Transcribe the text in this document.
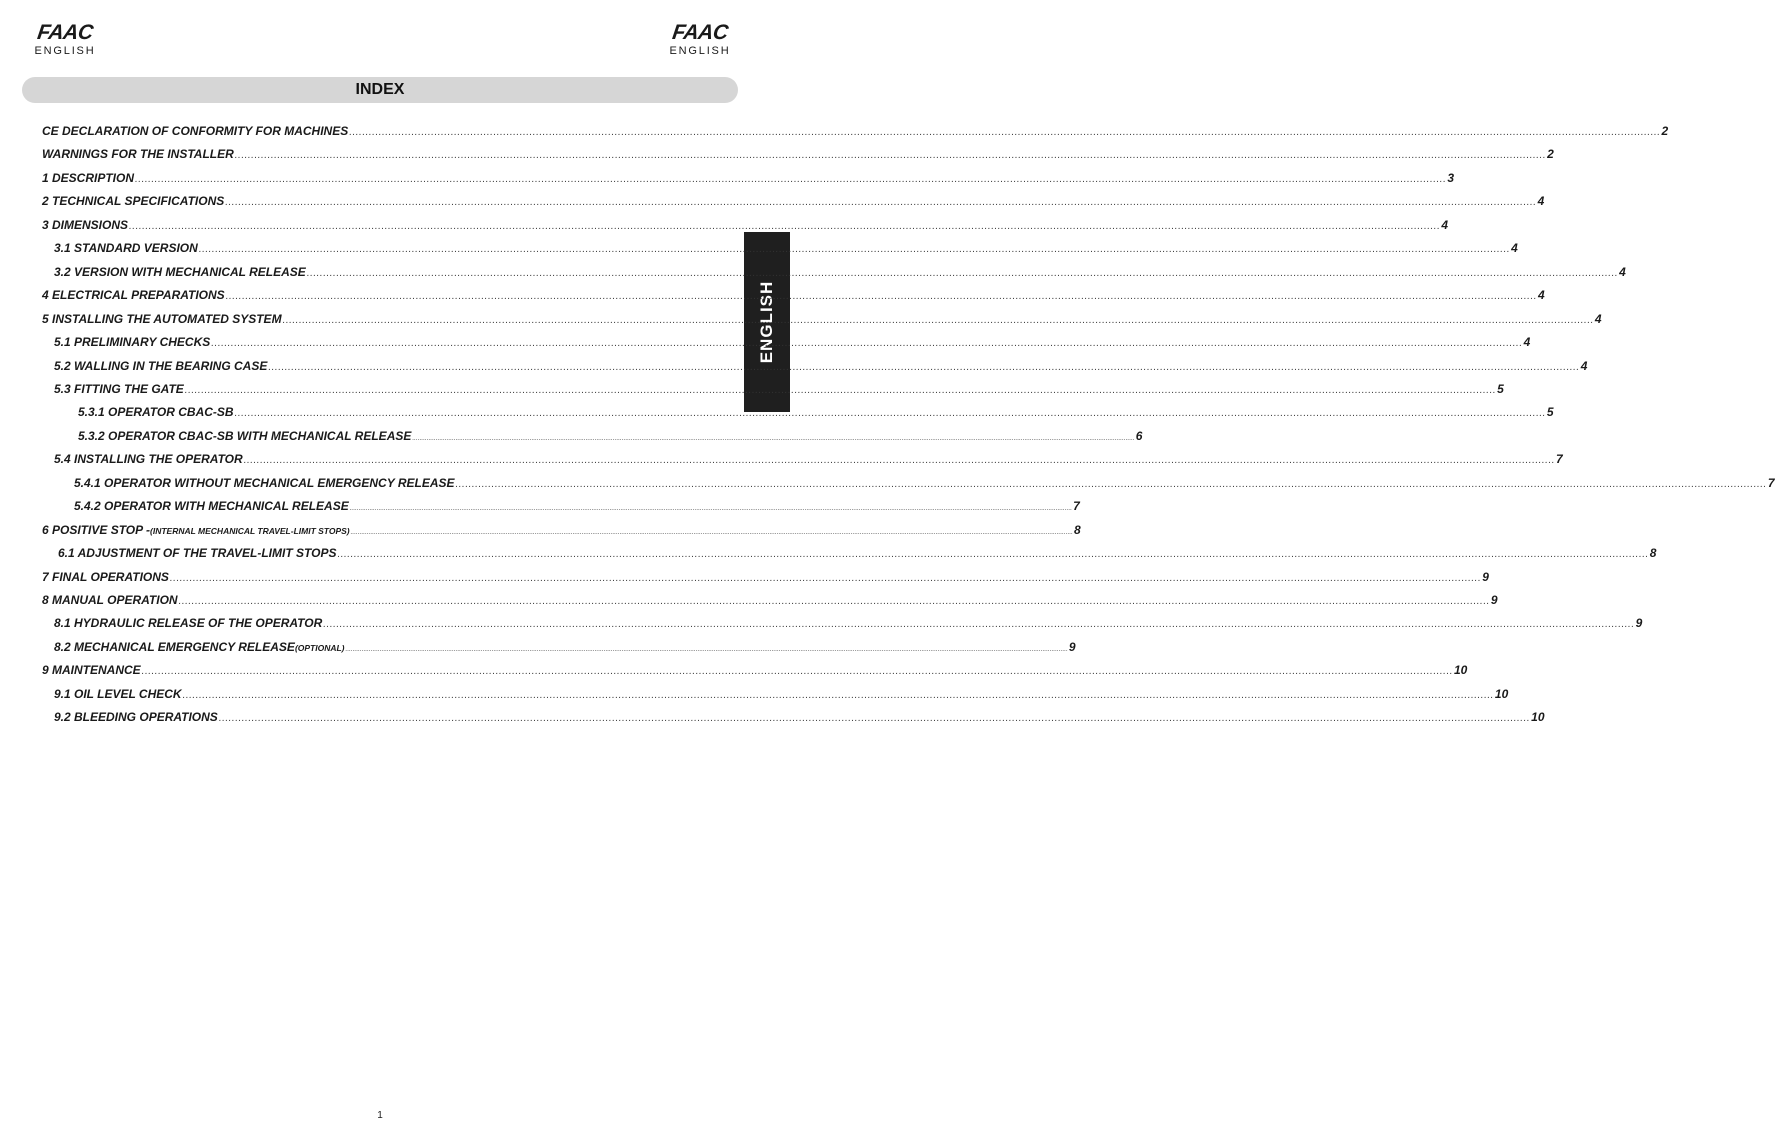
FAAC
ENGLISH
FAAC
ENGLISH
INDEX
ENGLISH
CE DECLARATION OF CONFORMITY FOR MACHINES ................................................................................................................................................................................................................................................................................................................................................................................................................ 2
WARNINGS FOR THE INSTALLER ................................................................................................................................................................................................................................................................................................................................................................................................................ 2
1 DESCRIPTION ................................................................................................................................................................................................................................................................................................................................................................................................................ 3
2 TECHNICAL SPECIFICATIONS ................................................................................................................................................................................................................................................................................................................................................................................................................ 4
3 DIMENSIONS ................................................................................................................................................................................................................................................................................................................................................................................................................ 4
3.1 STANDARD VERSION ................................................................................................................................................................................................................................................................................................................................................................................................................ 4
3.2 VERSION WITH MECHANICAL RELEASE ................................................................................................................................................................................................................................................................................................................................................................................................................ 4
4 ELECTRICAL PREPARATIONS ................................................................................................................................................................................................................................................................................................................................................................................................................ 4
5 INSTALLING THE AUTOMATED SYSTEM ................................................................................................................................................................................................................................................................................................................................................................................................................ 4
5.1 PRELIMINARY CHECKS ................................................................................................................................................................................................................................................................................................................................................................................................................ 4
5.2 WALLING IN THE BEARING CASE ................................................................................................................................................................................................................................................................................................................................................................................................................ 4
5.3 FITTING THE GATE ................................................................................................................................................................................................................................................................................................................................................................................................................ 5
5.3.1 OPERATOR CBAC-SB ................................................................................................................................................................................................................................................................................................................................................................................................................ 5
5.3.2 OPERATOR CBAC-SB WITH MECHANICAL RELEASE ................................................................................................................................................................................................................................................................................................................................................................................................................ 6
5.4 INSTALLING THE OPERATOR ................................................................................................................................................................................................................................................................................................................................................................................................................ 7
5.4.1 OPERATOR WITHOUT MECHANICAL EMERGENCY RELEASE ................................................................................................................................................................................................................................................................................................................................................................................................................ 7
5.4.2 OPERATOR WITH MECHANICAL RELEASE ................................................................................................................................................................................................................................................................................................................................................................................................................ 7
6 POSITIVE STOP - (INTERNAL MECHANICAL TRAVEL-LIMIT STOPS) ................................................................................................................................................................................................................................................................................................................................................................................................................ 8
6.1 ADJUSTMENT OF THE TRAVEL-LIMIT STOPS ................................................................................................................................................................................................................................................................................................................................................................................................................ 8
7 FINAL OPERATIONS ................................................................................................................................................................................................................................................................................................................................................................................................................ 9
8 MANUAL OPERATION ................................................................................................................................................................................................................................................................................................................................................................................................................ 9
8.1 HYDRAULIC RELEASE OF THE OPERATOR ................................................................................................................................................................................................................................................................................................................................................................................................................ 9
8.2 MECHANICAL EMERGENCY RELEASE (OPTIONAL) ................................................................................................................................................................................................................................................................................................................................................................................................................ 9
9 MAINTENANCE ................................................................................................................................................................................................................................................................................................................................................................................................................ 10
9.1 OIL LEVEL CHECK ................................................................................................................................................................................................................................................................................................................................................................................................................ 10
9.2 BLEEDING OPERATIONS ................................................................................................................................................................................................................................................................................................................................................................................................................ 10
1
